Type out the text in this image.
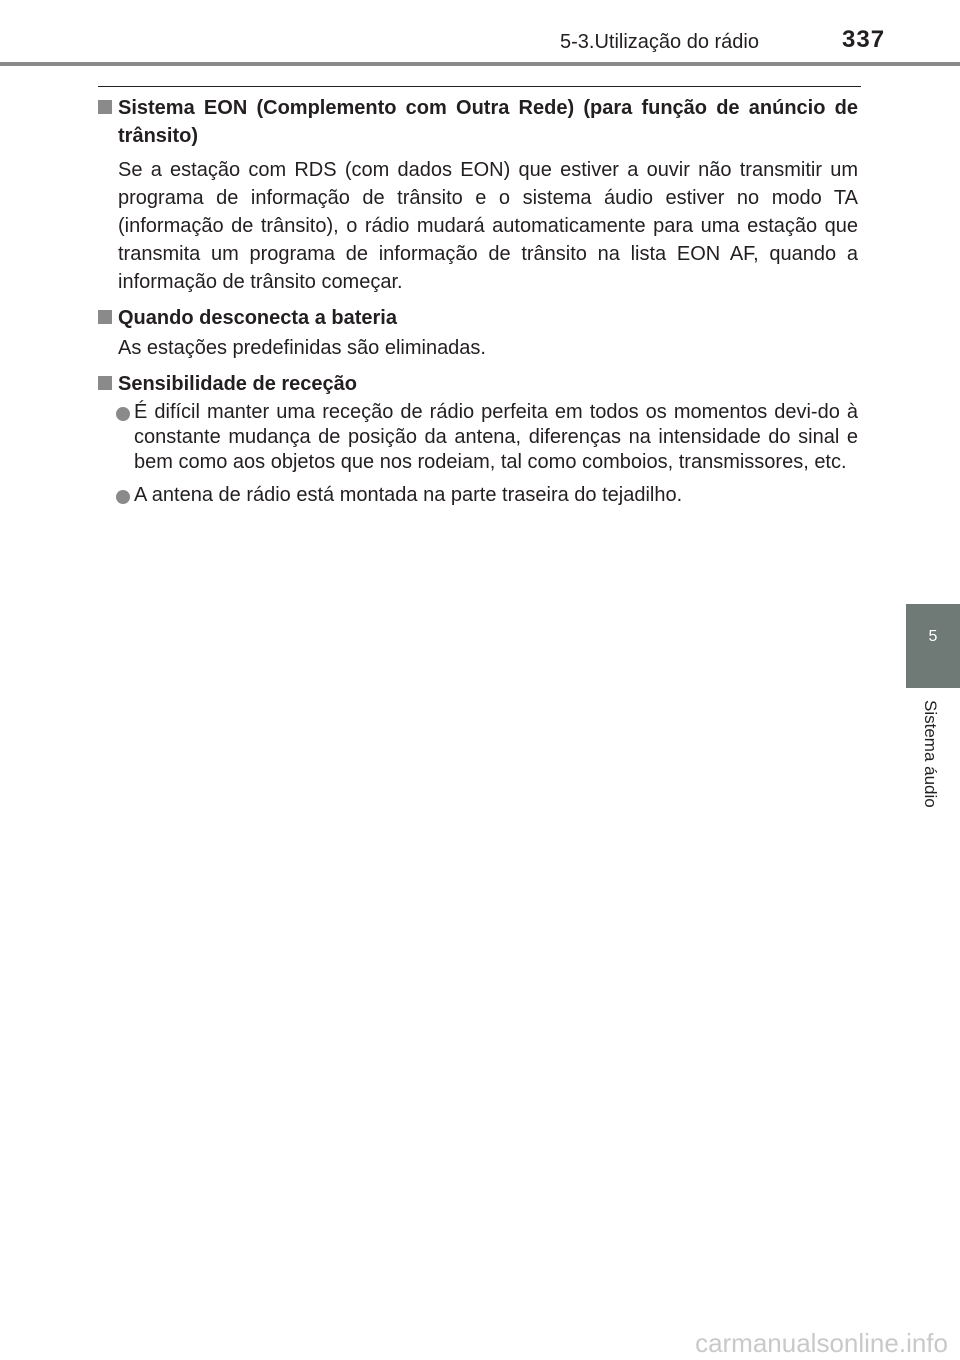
5-3.Utilização do rádio	337
Sistema EON (Complemento com Outra Rede) (para função de anúncio de trânsito)
Se a estação com RDS (com dados EON) que estiver a ouvir não transmitir um programa de informação de trânsito e o sistema áudio estiver no modo TA (informação de trânsito), o rádio mudará automaticamente para uma estação que transmita um programa de informação de trânsito na lista EON AF, quando a informação de trânsito começar.
Quando desconecta a bateria
As estações predefinidas são eliminadas.
Sensibilidade de receção
É difícil manter uma receção de rádio perfeita em todos os momentos devi-do à constante mudança de posição da antena, diferenças na intensidade do sinal e bem como aos objetos que nos rodeiam, tal como comboios, transmissores, etc.
A antena de rádio está montada na parte traseira do tejadilho.
5
Sistema áudio
carmanualsonline.info
